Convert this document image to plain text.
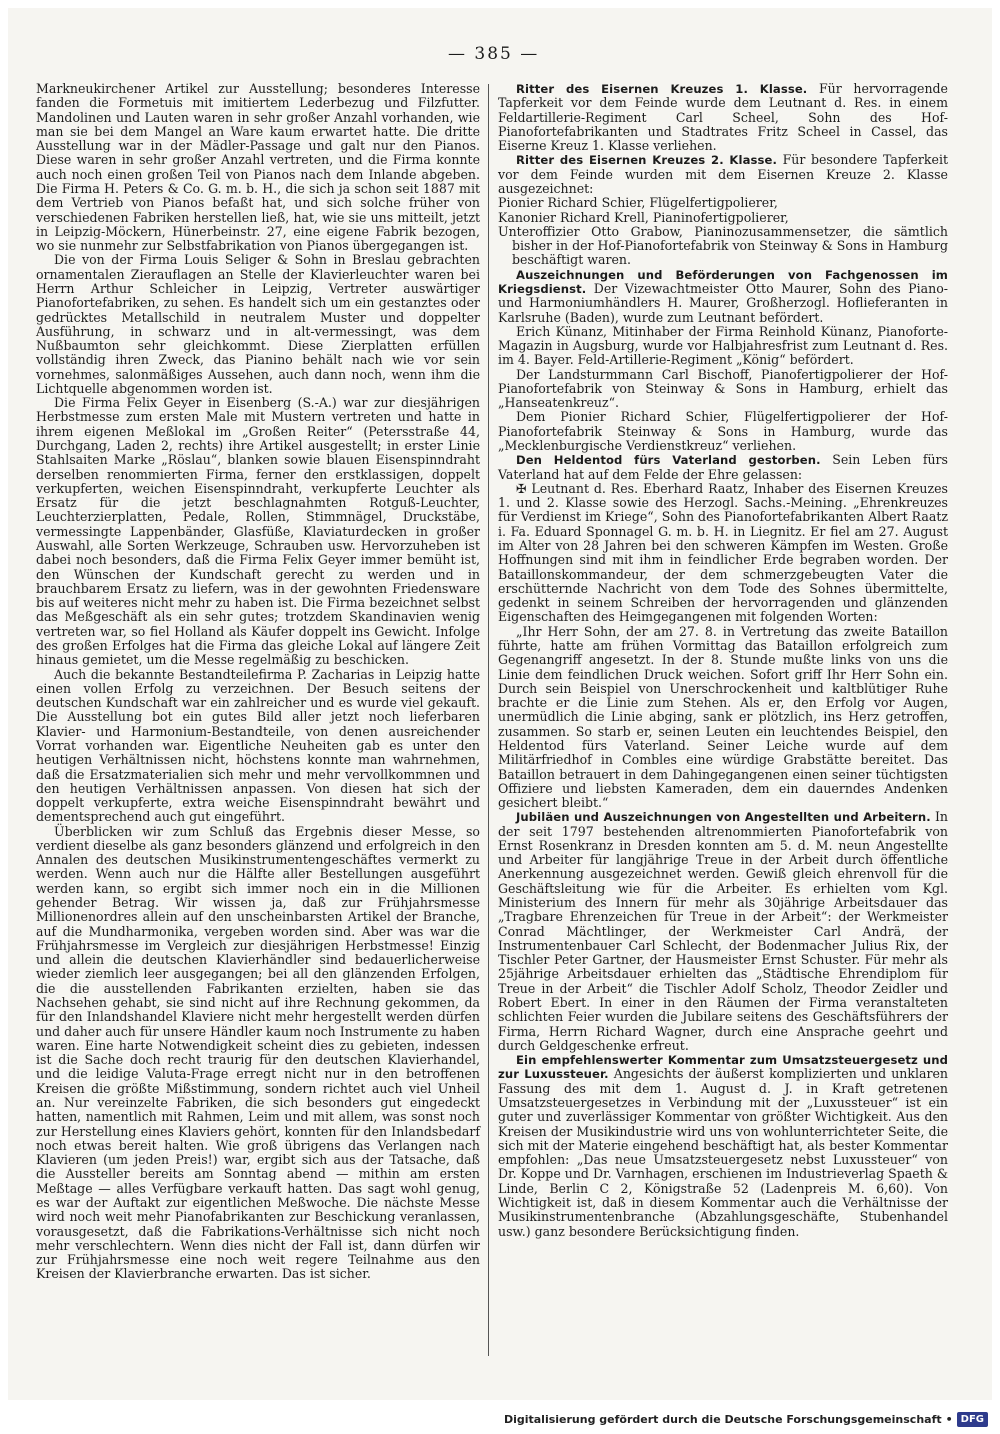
— 385 —

Markneukirchener Artikel zur Ausstellung; besonderes Interesse fanden die Formetuis mit imitiertem Lederbezug und Filzfutter. Mandolinen und Lauten waren in sehr großer Anzahl vorhanden, wie man sie bei dem Mangel an Ware kaum erwartet hatte. Die dritte Ausstellung war in der Mädler-Passage und galt nur den Pianos. Diese waren in sehr großer Anzahl vertreten, und die Firma konnte auch noch einen großen Teil von Pianos nach dem Inlande abgeben. Die Firma H. Peters & Co. G. m. b. H., die sich ja schon seit 1887 mit dem Vertrieb von Pianos befaßt hat, und sich solche früher von verschiedenen Fabriken herstellen ließ, hat, wie sie uns mitteilt, jetzt in Leipzig-Möckern, Hünerbeinstr. 27, eine eigene Fabrik bezogen, wo sie nunmehr zur Selbstfabrikation von Pianos übergegangen ist.

Die von der Firma Louis Seliger & Sohn in Breslau gebrachten ornamentalen Zierauflagen an Stelle der Klavierleuchter waren bei Herrn Arthur Schleicher in Leipzig, Vertreter auswärtiger Pianofortefabriken, zu sehen. Es handelt sich um ein gestanztes oder gedrücktes Metallschild in neutralem Muster und doppelter Ausführung, in schwarz und in alt-vermessingt, was dem Nußbaumton sehr gleichkommt. Diese Zierplatten erfüllen vollständig ihren Zweck, das Pianino behält nach wie vor sein vornehmes, salonmäßiges Aussehen, auch dann noch, wenn ihm die Lichtquelle abgenommen worden ist.

Die Firma Felix Geyer in Eisenberg (S.-A.) war zur diesjährigen Herbstmesse zum ersten Male mit Mustern vertreten und hatte in ihrem eigenen Meßlokal im „Großen Reiter“ (Petersstraße 44, Durchgang, Laden 2, rechts) ihre Artikel ausgestellt; in erster Linie Stahlsaiten Marke „Röslau“, blanken sowie blauen Eisenspinndraht derselben renommierten Firma, ferner den erstklassigen, doppelt verkupferten, weichen Eisenspinndraht, verkupferte Leuchter als Ersatz für die jetzt beschlagnahmten Rotguß-Leuchter, Leuchterzierplatten, Pedale, Rollen, Stimmnägel, Druckstäbe, vermessingte Lappenbänder, Glasfüße, Klaviaturdecken in großer Auswahl, alle Sorten Werkzeuge, Schrauben usw. Hervorzuheben ist dabei noch besonders, daß die Firma Felix Geyer immer bemüht ist, den Wünschen der Kundschaft gerecht zu werden und in brauchbarem Ersatz zu liefern, was in der gewohnten Friedensware bis auf weiteres nicht mehr zu haben ist. Die Firma bezeichnet selbst das Meßgeschäft als ein sehr gutes; trotzdem Skandinavien wenig vertreten war, so fiel Holland als Käufer doppelt ins Gewicht. Infolge des großen Erfolges hat die Firma das gleiche Lokal auf längere Zeit hinaus gemietet, um die Messe regelmäßig zu beschicken.

Auch die bekannte Bestandteilefirma P. Zacharias in Leipzig hatte einen vollen Erfolg zu verzeichnen. Der Besuch seitens der deutschen Kundschaft war ein zahlreicher und es wurde viel gekauft. Die Ausstellung bot ein gutes Bild aller jetzt noch lieferbaren Klavier- und Harmonium-Bestandteile, von denen ausreichender Vorrat vorhanden war. Eigentliche Neuheiten gab es unter den heutigen Verhältnissen nicht, höchstens konnte man wahrnehmen, daß die Ersatzmaterialien sich mehr und mehr vervollkommnen und den heutigen Verhältnissen anpassen. Von diesen hat sich der doppelt verkupferte, extra weiche Eisenspinndraht bewährt und dementsprechend auch gut eingeführt.

Überblicken wir zum Schluß das Ergebnis dieser Messe, so verdient dieselbe als ganz besonders glänzend und erfolgreich in den Annalen des deutschen Musikinstrumentengeschäftes vermerkt zu werden. Wenn auch nur die Hälfte aller Bestellungen ausgeführt werden kann, so ergibt sich immer noch ein in die Millionen gehender Betrag. Wir wissen ja, daß zur Frühjahrsmesse Millionenordres allein auf den unscheinbarsten Artikel der Branche, auf die Mundharmonika, vergeben worden sind. Aber was war die Frühjahrsmesse im Vergleich zur diesjährigen Herbstmesse! Einzig und allein die deutschen Klavierhändler sind bedauerlicherweise wieder ziemlich leer ausgegangen; bei all den glänzenden Erfolgen, die die ausstellenden Fabrikanten erzielten, haben sie das Nachsehen gehabt, sie sind nicht auf ihre Rechnung gekommen, da für den Inlandshandel Klaviere nicht mehr hergestellt werden dürfen und daher auch für unsere Händler kaum noch Instrumente zu haben waren. Eine harte Notwendigkeit scheint dies zu gebieten, indessen ist die Sache doch recht traurig für den deutschen Klavierhandel, und die leidige Valuta-Frage erregt nicht nur in den betroffenen Kreisen die größte Mißstimmung, sondern richtet auch viel Unheil an. Nur vereinzelte Fabriken, die sich besonders gut eingedeckt hatten, namentlich mit Rahmen, Leim und mit allem, was sonst noch zur Herstellung eines Klaviers gehört, konnten für den Inlandsbedarf noch etwas bereit halten. Wie groß übrigens das Verlangen nach Klavieren (um jeden Preis!) war, ergibt sich aus der Tatsache, daß die Aussteller bereits am Sonntag abend — mithin am ersten Meßtage — alles Verfügbare verkauft hatten. Das sagt wohl genug, es war der Auftakt zur eigentlichen Meßwoche. Die nächste Messe wird noch weit mehr Pianofabrikanten zur Beschickung veranlassen, vorausgesetzt, daß die Fabrikations-Verhältnisse sich nicht noch mehr verschlechtern. Wenn dies nicht der Fall ist, dann dürfen wir zur Frühjahrsmesse eine noch weit regere Teilnahme aus den Kreisen der Klavierbranche erwarten. Das ist sicher.

Ritter des Eisernen Kreuzes 1. Klasse. Für hervorragende Tapferkeit vor dem Feinde wurde dem Leutnant d. Res. in einem Feldartillerie-Regiment Carl Scheel, Sohn des Hof-Pianofortefabrikanten und Stadtrates Fritz Scheel in Cassel, das Eiserne Kreuz 1. Klasse verliehen.

Ritter des Eisernen Kreuzes 2. Klasse. Für besondere Tapferkeit vor dem Feinde wurden mit dem Eisernen Kreuze 2. Klasse ausgezeichnet:

Pionier Richard Schier, Flügelfertigpolierer,

Kanonier Richard Krell, Pianinofertigpolierer,

Unteroffizier Otto Grabow, Pianinozusammensetzer, die sämtlich bisher in der Hof-Pianofortefabrik von Steinway & Sons in Hamburg beschäftigt waren.

Auszeichnungen und Beförderungen von Fachgenossen im Kriegsdienst. Der Vizewachtmeister Otto Maurer, Sohn des Piano- und Harmoniumhändlers H. Maurer, Großherzogl. Hoflieferanten in Karlsruhe (Baden), wurde zum Leutnant befördert.

Erich Künanz, Mitinhaber der Firma Reinhold Künanz, Pianoforte-Magazin in Augsburg, wurde vor Halbjahresfrist zum Leutnant d. Res. im 4. Bayer. Feld-Artillerie-Regiment „König“ befördert.

Der Landsturmmann Carl Bischoff, Pianofertigpolierer der Hof-Pianofortefabrik von Steinway & Sons in Hamburg, erhielt das „Hanseatenkreuz“.

Dem Pionier Richard Schier, Flügelfertigpolierer der Hof-Pianofortefabrik Steinway & Sons in Hamburg, wurde das „Mecklenburgische Verdienstkreuz“ verliehen.

Den Heldentod fürs Vaterland gestorben. Sein Leben fürs Vaterland hat auf dem Felde der Ehre gelassen:

✠ Leutnant d. Res. Eberhard Raatz, Inhaber des Eisernen Kreuzes 1. und 2. Klasse sowie des Herzogl. Sachs.-Meining. „Ehrenkreuzes für Verdienst im Kriege“, Sohn des Pianofortefabrikanten Albert Raatz i. Fa. Eduard Sponnagel G. m. b. H. in Liegnitz. Er fiel am 27. August im Alter von 28 Jahren bei den schweren Kämpfen im Westen. Große Hoffnungen sind mit ihm in feindlicher Erde begraben worden. Der Bataillonskommandeur, der dem schmerzgebeugten Vater die erschütternde Nachricht von dem Tode des Sohnes übermittelte, gedenkt in seinem Schreiben der hervorragenden und glänzenden Eigenschaften des Heimgegangenen mit folgenden Worten:

„Ihr Herr Sohn, der am 27. 8. in Vertretung das zweite Bataillon führte, hatte am frühen Vormittag das Bataillon erfolgreich zum Gegenangriff angesetzt. In der 8. Stunde mußte links von uns die Linie dem feindlichen Druck weichen. Sofort griff Ihr Herr Sohn ein. Durch sein Beispiel von Unerschrockenheit und kaltblütiger Ruhe brachte er die Linie zum Stehen. Als er, den Erfolg vor Augen, unermüdlich die Linie abging, sank er plötzlich, ins Herz getroffen, zusammen. So starb er, seinen Leuten ein leuchtendes Beispiel, den Heldentod fürs Vaterland. Seiner Leiche wurde auf dem Militärfriedhof in Combles eine würdige Grabstätte bereitet. Das Bataillon betrauert in dem Dahingegangenen einen seiner tüchtigsten Offiziere und liebsten Kameraden, dem ein dauerndes Andenken gesichert bleibt.“

Jubiläen und Auszeichnungen von Angestellten und Arbeitern. In der seit 1797 bestehenden altrenommierten Pianofortefabrik von Ernst Rosenkranz in Dresden konnten am 5. d. M. neun Angestellte und Arbeiter für langjährige Treue in der Arbeit durch öffentliche Anerkennung ausgezeichnet werden. Gewiß gleich ehrenvoll für die Geschäftsleitung wie für die Arbeiter. Es erhielten vom Kgl. Ministerium des Innern für mehr als 30jährige Arbeitsdauer das „Tragbare Ehrenzeichen für Treue in der Arbeit“: der Werkmeister Conrad Mächtlinger, der Werkmeister Carl Andrä, der Instrumentenbauer Carl Schlecht, der Bodenmacher Julius Rix, der Tischler Peter Gartner, der Hausmeister Ernst Schuster. Für mehr als 25jährige Arbeitsdauer erhielten das „Städtische Ehrendiplom für Treue in der Arbeit“ die Tischler Adolf Scholz, Theodor Zeidler und Robert Ebert. In einer in den Räumen der Firma veranstalteten schlichten Feier wurden die Jubilare seitens des Geschäftsführers der Firma, Herrn Richard Wagner, durch eine Ansprache geehrt und durch Geldgeschenke erfreut.

Ein empfehlenswerter Kommentar zum Umsatzsteuergesetz und zur Luxussteuer. Angesichts der äußerst komplizierten und unklaren Fassung des mit dem 1. August d. J. in Kraft getretenen Umsatzsteuergesetzes in Verbindung mit der „Luxussteuer“ ist ein guter und zuverlässiger Kommentar von größter Wichtigkeit. Aus den Kreisen der Musikindustrie wird uns von wohlunterrichteter Seite, die sich mit der Materie eingehend beschäftigt hat, als bester Kommentar empfohlen: „Das neue Umsatzsteuergesetz nebst Luxussteuer“ von Dr. Koppe und Dr. Varnhagen, erschienen im Industrieverlag Spaeth & Linde, Berlin C 2, Königstraße 52 (Ladenpreis M. 6,60). Von Wichtigkeit ist, daß in diesem Kommentar auch die Verhältnisse der Musikinstrumentenbranche (Abzahlungsgeschäfte, Stubenhandel usw.) ganz besondere Berücksichtigung finden.

Digitalisierung gefördert durch die Deutsche Forschungsgemeinschaft • DFG
